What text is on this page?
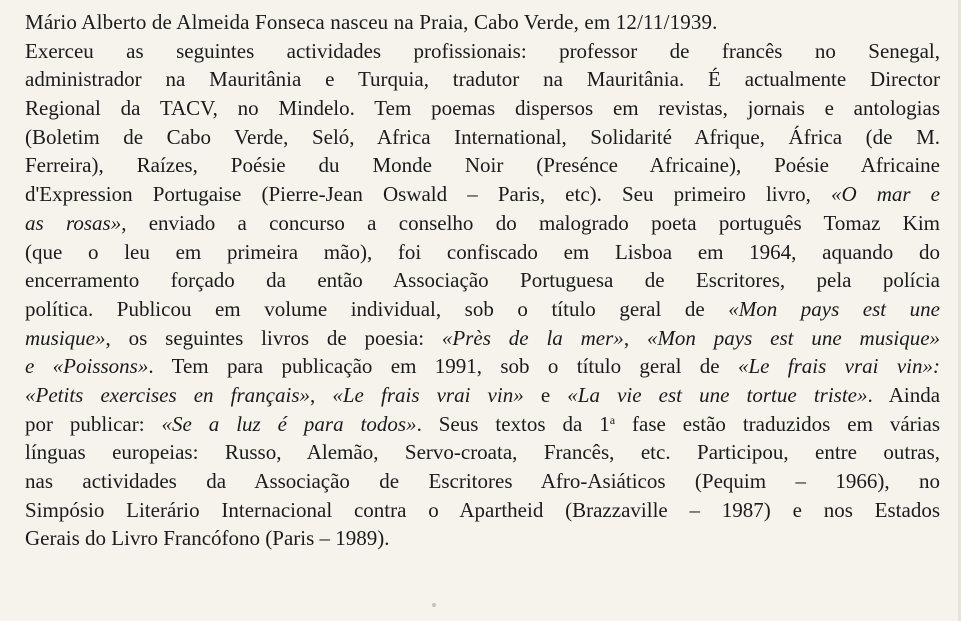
Mário Alberto de Almeida Fonseca nasceu na Praia, Cabo Verde, em 12/11/1939.
Exerceu as seguintes actividades profissionais: professor de francês no Senegal,
administrador na Mauritânia e Turquia, tradutor na Mauritânia. É actualmente Director
Regional da TACV, no Mindelo. Tem poemas dispersos em revistas, jornais e antologias
(Boletim de Cabo Verde, Seló, Africa International, Solidarité Afrique, África (de M.
Ferreira), Raízes, Poésie du Monde Noir (Presénce Africaine), Poésie Africaine
d'Expression Portugaise (Pierre-Jean Oswald – Paris, etc). Seu primeiro livro, «O mar e
as rosas», enviado a concurso a conselho do malogrado poeta português Tomaz Kim
(que o leu em primeira mão), foi confiscado em Lisboa em 1964, aquando do
encerramento forçado da então Associação Portuguesa de Escritores, pela polícia
política. Publicou em volume individual, sob o título geral de «Mon pays est une
musique», os seguintes livros de poesia: «Près de la mer», «Mon pays est une musique»
e «Poissons». Tem para publicação em 1991, sob o título geral de «Le frais vrai vin»:
«Petits exercises en français», «Le frais vrai vin» e «La vie est une tortue triste». Ainda
por publicar: «Se a luz é para todos». Seus textos da 1$^a$ fase estão traduzidos em várias
línguas europeias: Russo, Alemão, Servo-croata, Francês, etc. Participou, entre outras,
nas actividades da Associação de Escritores Afro-Asiáticos (Pequim – 1966), no
Simpósio Literário Internacional contra o Apartheid (Brazzaville – 1987) e nos Estados
Gerais do Livro Francófono (Paris – 1989).
